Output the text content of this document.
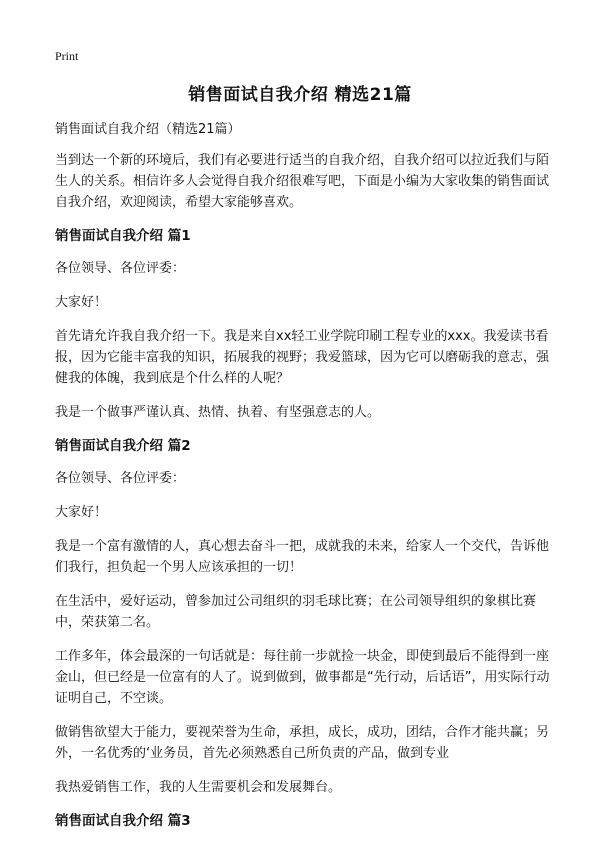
Print
销售面试自我介绍 精选21篇

销售面试自我介绍（精选21篇）

当到达一个新的环境后，我们有必要进行适当的自我介绍，自我介绍可以拉近我们与陌生人的关系。相信许多人会觉得自我介绍很难写吧，下面是小编为大家收集的销售面试自我介绍，欢迎阅读，希望大家能够喜欢。

销售面试自我介绍 篇1

各位领导、各位评委：

大家好！

首先请允许我自我介绍一下。我是来自xx轻工业学院印刷工程专业的xxx。我爱读书看报，因为它能丰富我的知识，拓展我的视野；我爱篮球，因为它可以磨砺我的意志，强健我的体魄，我到底是个什么样的人呢？

我是一个做事严谨认真、热情、执着、有坚强意志的人。

销售面试自我介绍 篇2

各位领导、各位评委：

大家好！

我是一个富有激情的人，真心想去奋斗一把，成就我的未来，给家人一个交代，告诉他们我行，担负起一个男人应该承担的一切！

在生活中，爱好运动，曾参加过公司组织的羽毛球比赛；在公司领导组织的象棋比赛中，荣获第二名。

工作多年，体会最深的一句话就是：每往前一步就捡一块金，即使到最后不能得到一座金山，但已经是一位富有的人了。说到做到，做事都是“先行动，后话语”，用实际行动证明自己，不空谈。

做销售欲望大于能力，要视荣誉为生命，承担，成长，成功，团结，合作才能共赢；另外，一名优秀的‘业务员，首先必须熟悉自己所负责的产品，做到专业

我热爱销售工作，我的人生需要机会和发展舞台。

销售面试自我介绍 篇3
